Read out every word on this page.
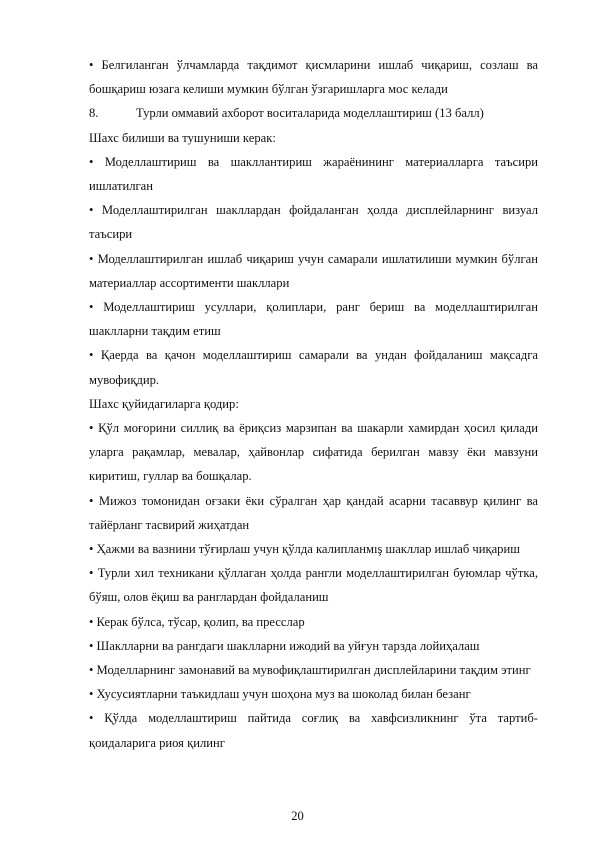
• Белгиланган ўлчамларда тақдимот қисмларини ишлаб чиқариш, созлаш ва бошқариш юзага келиши мумкин бўлган ўзгаришларга мос келади

8.	Турли оммавий ахборот воситаларида моделлаштириш (13 балл)

Шахс билиши ва тушуниши керак:

• Моделлаштириш ва шакллантириш жараёнининг материалларга таъсири ишлатилган

• Моделлаштирилган шакллардан фойдаланган ҳолда дисплейларнинг визуал таъсири

• Моделлаштирилган ишлаб чиқариш учун самарали ишлатилиши мумкин бўлган материаллар ассортименти шакллари

• Моделлаштириш усуллари, қолиплари, ранг бериш ва моделлаштирилган шаклларни тақдим етиш

• Қаерда ва қачон моделлаштириш самарали ва ундан фойдаланиш мақсадга мувофиқдир.

Шахс қуйидагиларга қодир:

• Қўл моғорини силлиқ ва ёриқсиз марзипан ва шакарли хамирдан ҳосил қилади уларга рақамлар, мевалар, ҳайвонлар сифатида берилган мавзу ёки мавзуни киритиш, гуллар ва бошқалар.

• Мижоз томонидан оғзаки ёки сўралган ҳар қандай асарни тасаввур қилинг ва тайёрланг тасвирий жиҳатдан

• Ҳажми ва вазнини тўғирлаш учун қўлда калипланмış шакллар ишлаб чиқариш

• Турли хил техникани қўллаган ҳолда рангли моделлаштирилган буюмлар чўтка, бўяш, олов ёқиш ва ранглардан фойдаланиш

• Керак бўлса, тўсар, қолип, ва пресслар

• Шаклларни ва рангдаги шаклларни ижодий ва уйғун тарзда лойиҳалаш

• Моделларнинг замонавий ва мувофиқлаштирилган дисплейларини тақдим этинг

• Хусусиятларни таъкидлаш учун шоҳона муз ва шоколад билан безанг

• Қўлда моделлаштириш пайтида соғлиқ ва хавфсизликнинг ўта тартиб-қоидаларига риоя қилинг

20
